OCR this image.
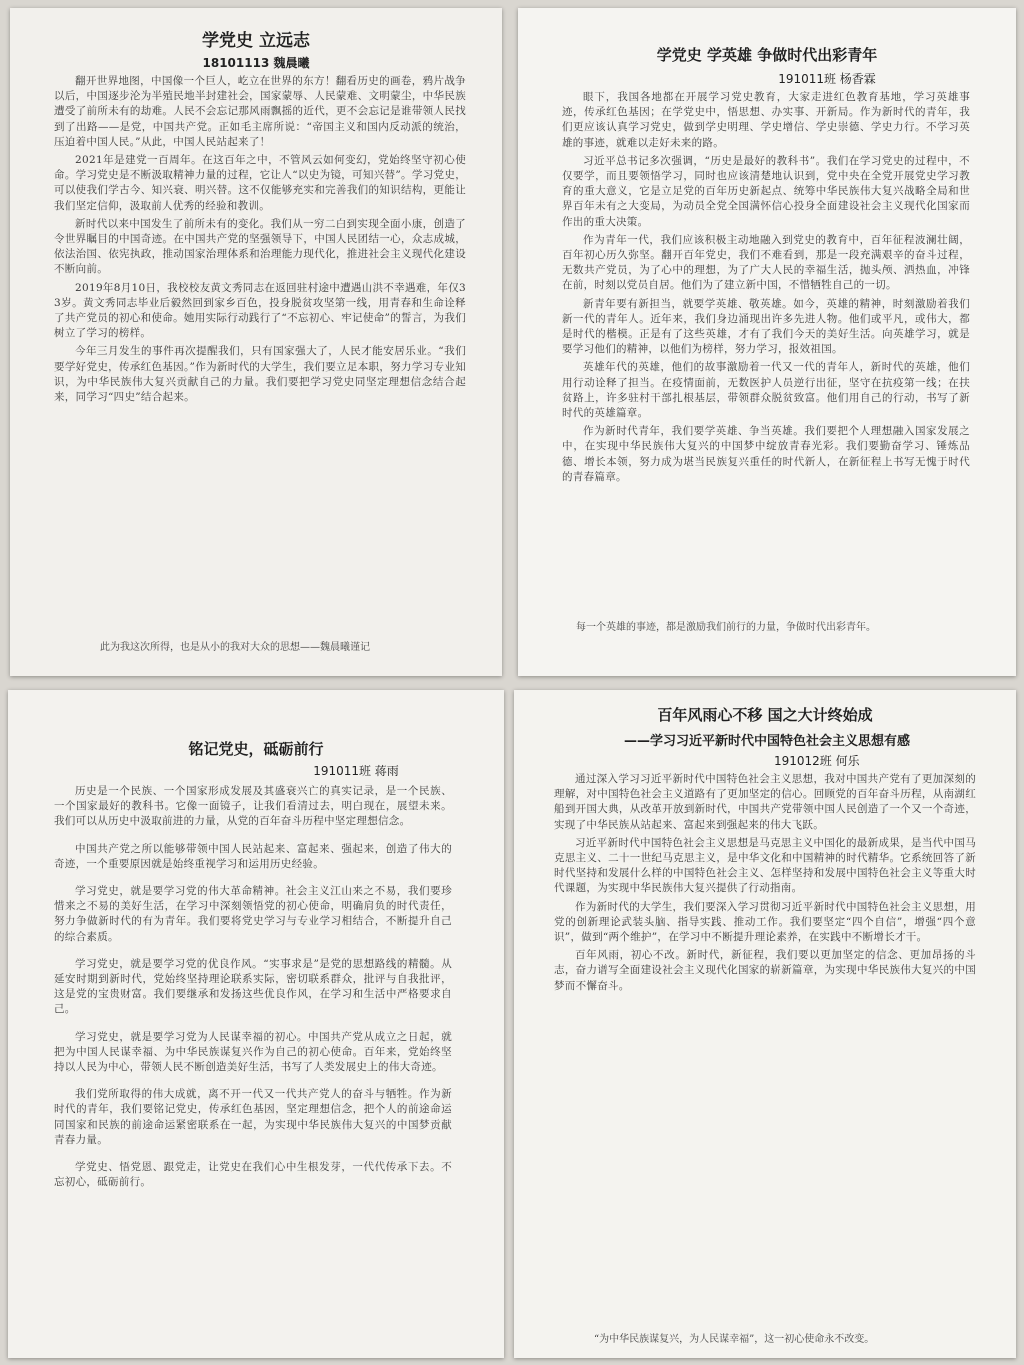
学党史 立远志
18101113 魏晨曦

翻开世界地图，中国像一个巨人，屹立在世界的东方！翻看历史的画卷，鸦片战争以后，中国逐步沦为半殖民地半封建社会，国家蒙辱、人民蒙难、文明蒙尘，中华民族遭受了前所未有的劫难。人民不会忘记那风雨飘摇的近代，更不会忘记是谁带领人民找到了出路——是党，中国共产党。正如毛主席所说：“帝国主义和国内反动派的统治，压迫着中国人民。”从此，中国人民站起来了！

2021年是建党一百周年。在这百年之中，不管风云如何变幻，党始终坚守初心使命。学习党史是不断汲取精神力量的过程，它让人“以史为镜，可知兴替”。学习党史，可以使我们学古今、知兴衰、明兴替。这不仅能够充实和完善我们的知识结构，更能让我们坚定信仰，汲取前人优秀的经验和教训。

新时代以来中国发生了前所未有的变化。我们从一穷二白到实现全面小康，创造了令世界瞩目的中国奇迹。在中国共产党的坚强领导下，中国人民团结一心，众志成城，依法治国、依宪执政，推动国家治理体系和治理能力现代化，推进社会主义现代化建设不断向前。

2019年8月10日，我校校友黄文秀同志在返回驻村途中遭遇山洪不幸遇难，年仅33岁。黄文秀同志毕业后毅然回到家乡百色，投身脱贫攻坚第一线，用青春和生命诠释了共产党员的初心和使命。她用实际行动践行了“不忘初心、牢记使命”的誓言，为我们树立了学习的榜样。

今年三月发生的事件再次提醒我们，只有国家强大了，人民才能安居乐业。“我们要学好党史，传承红色基因。”作为新时代的大学生，我们要立足本职，努力学习专业知识，为中华民族伟大复兴贡献自己的力量。我们要把学习党史同坚定理想信念结合起来，同学习“四史”结合起来。

此为我这次所得，也是从小的我对大众的思想——魏晨曦谨记
学党史 学英雄 争做时代出彩青年
191011班 杨香霖

眼下，我国各地都在开展学习党史教育，大家走进红色教育基地，学习英雄事迹，传承红色基因；在学党史中，悟思想、办实事、开新局。作为新时代的青年，我们更应该认真学习党史，做到学史明理、学史增信、学史崇德、学史力行。不学习英雄的事迹，就难以走好未来的路。

习近平总书记多次强调，“历史是最好的教科书”。我们在学习党史的过程中，不仅要学，而且要领悟学习，同时也应该清楚地认识到，党中央在全党开展党史学习教育的重大意义，它是立足党的百年历史新起点、统筹中华民族伟大复兴战略全局和世界百年未有之大变局，为动员全党全国满怀信心投身全面建设社会主义现代化国家而作出的重大决策。

作为青年一代，我们应该积极主动地融入到党史的教育中，百年征程波澜壮阔，百年初心历久弥坚。翻开百年党史，我们不难看到，那是一段充满艰辛的奋斗过程，无数共产党员，为了心中的理想，为了广大人民的幸福生活，抛头颅、洒热血，冲锋在前，时刻以党员自居。他们为了建立新中国，不惜牺牲自己的一切。

新青年要有新担当，就要学英雄、敬英雄。如今，英雄的精神，时刻激励着我们新一代的青年人。近年来，我们身边涌现出许多先进人物。他们或平凡，或伟大，都是时代的楷模。正是有了这些英雄，才有了我们今天的美好生活。向英雄学习，就是要学习他们的精神，以他们为榜样，努力学习，报效祖国。

英雄年代的英雄，他们的故事激励着一代又一代的青年人，新时代的英雄，他们用行动诠释了担当。在疫情面前，无数医护人员逆行出征，坚守在抗疫第一线；在扶贫路上，许多驻村干部扎根基层，带领群众脱贫致富。他们用自己的行动，书写了新时代的英雄篇章。

作为新时代青年，我们要学英雄、争当英雄。我们要把个人理想融入国家发展之中，在实现中华民族伟大复兴的中国梦中绽放青春光彩。我们要勤奋学习、锤炼品德、增长本领，努力成为堪当民族复兴重任的时代新人，在新征程上书写无愧于时代的青春篇章。

每一个英雄的事迹，都是激励我们前行的力量，争做时代出彩青年。
铭记党史，砥砺前行
191011班 蒋雨

历史是一个民族、一个国家形成发展及其盛衰兴亡的真实记录，是一个民族、一个国家最好的教科书。它像一面镜子，让我们看清过去，明白现在，展望未来。我们可以从历史中汲取前进的力量，从党的百年奋斗历程中坚定理想信念。

中国共产党之所以能够带领中国人民站起来、富起来、强起来，创造了伟大的奇迹，一个重要原因就是始终重视学习和运用历史经验。

学习党史，就是要学习党的伟大革命精神。社会主义江山来之不易，我们要珍惜来之不易的美好生活，在学习中深刻领悟党的初心使命，明确肩负的时代责任，努力争做新时代的有为青年。我们要将党史学习与专业学习相结合，不断提升自己的综合素质。

学习党史，就是要学习党的优良作风。“实事求是”是党的思想路线的精髓。从延安时期到新时代，党始终坚持理论联系实际，密切联系群众，批评与自我批评，这是党的宝贵财富。我们要继承和发扬这些优良作风，在学习和生活中严格要求自己。

学习党史，就是要学习党为人民谋幸福的初心。中国共产党从成立之日起，就把为中国人民谋幸福、为中华民族谋复兴作为自己的初心使命。百年来，党始终坚持以人民为中心，带领人民不断创造美好生活，书写了人类发展史上的伟大奇迹。

我们党所取得的伟大成就，离不开一代又一代共产党人的奋斗与牺牲。作为新时代的青年，我们要铭记党史，传承红色基因，坚定理想信念，把个人的前途命运同国家和民族的前途命运紧密联系在一起，为实现中华民族伟大复兴的中国梦贡献青春力量。

学党史、悟党恩、跟党走，让党史在我们心中生根发芽，一代代传承下去。不忘初心，砥砺前行。

百年风雨心不移 国之大计终始成
——学习习近平新时代中国特色社会主义思想有感
191012班 何乐

通过深入学习习近平新时代中国特色社会主义思想，我对中国共产党有了更加深刻的理解，对中国特色社会主义道路有了更加坚定的信心。回顾党的百年奋斗历程，从南湖红船到开国大典，从改革开放到新时代，中国共产党带领中国人民创造了一个又一个奇迹，实现了中华民族从站起来、富起来到强起来的伟大飞跃。

习近平新时代中国特色社会主义思想是马克思主义中国化的最新成果，是当代中国马克思主义、二十一世纪马克思主义，是中华文化和中国精神的时代精华。它系统回答了新时代坚持和发展什么样的中国特色社会主义、怎样坚持和发展中国特色社会主义等重大时代课题，为实现中华民族伟大复兴提供了行动指南。

作为新时代的大学生，我们要深入学习贯彻习近平新时代中国特色社会主义思想，用党的创新理论武装头脑、指导实践、推动工作。我们要坚定“四个自信”，增强“四个意识”，做到“两个维护”，在学习中不断提升理论素养，在实践中不断增长才干。

百年风雨，初心不改。新时代，新征程，我们要以更加坚定的信念、更加昂扬的斗志，奋力谱写全面建设社会主义现代化国家的崭新篇章，为实现中华民族伟大复兴的中国梦而不懈奋斗。

“为中华民族谋复兴，为人民谋幸福”，这一初心使命永不改变。
